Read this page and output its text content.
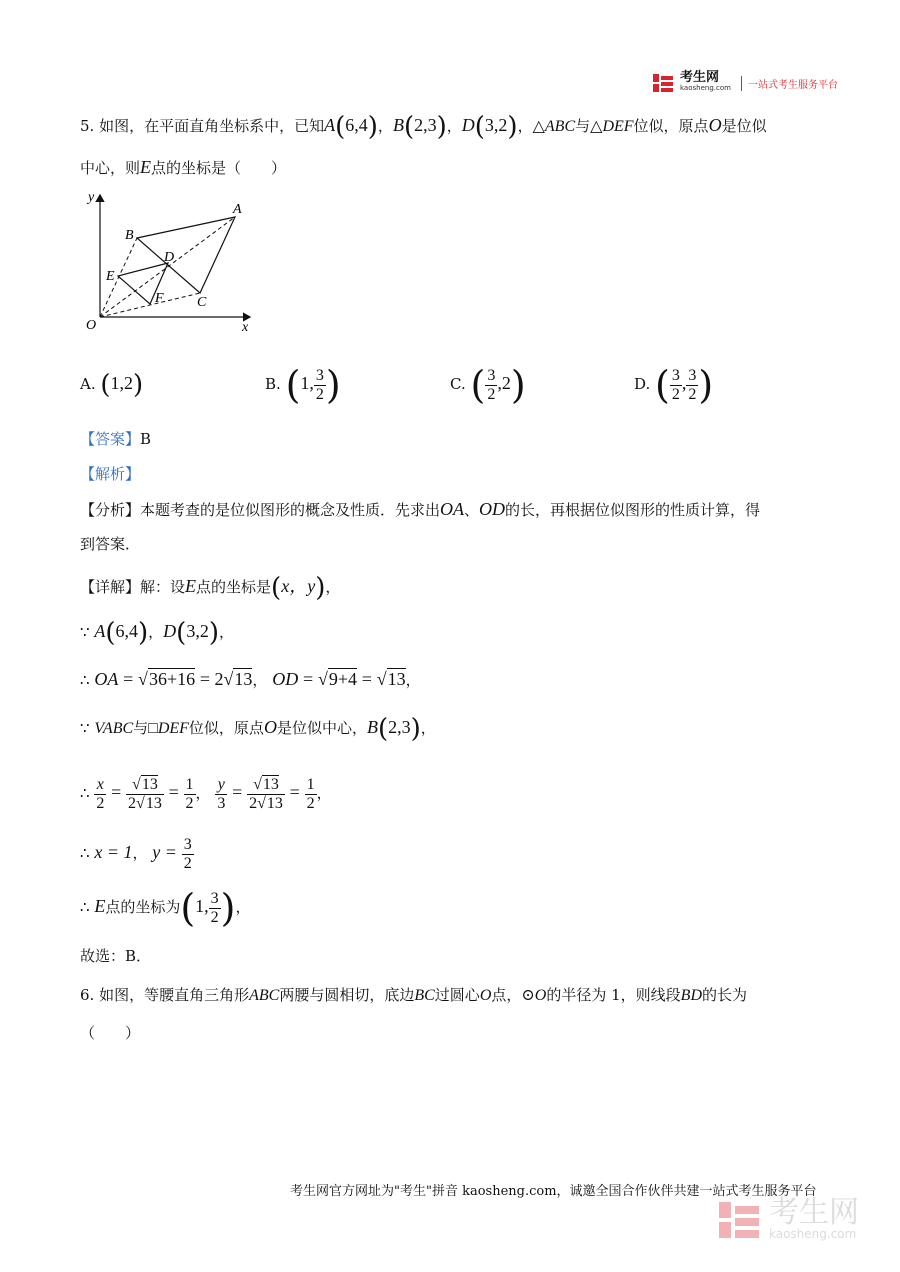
考生网
kaosheng.com	一站式考生服务平台
5. 如图，在平面直角坐标系中，已知A(6,4)，B(2,3)，D(3,2)，△ABC与△DEF位似，原点O是位似
中心，则E点的坐标是（　　）
y
x
A
B
C
D
E
F
O
A. (1,2)	B. (1, $\frac{3}{2}$ )	C. ( $\frac{3}{2} ,2$)	D. ( $\frac{3}{2}$ , $\frac{3}{2}$ )
【答案】B
【解析】
【分析】本题考查的是位似图形的概念及性质．先求出OA、OD的长，再根据位似图形的性质计算，得
到答案．
【详解】解：设E点的坐标是(x，y)，
∵ A(6,4)，D(3,2)，
∴ OA = √36+16 = 2√13， OD = √9+4 = √13，
∵ VABC与□DEF位似，原点O是位似中心，B(2,3)，
∴ $\frac{x}{2} = \frac{√13}{2√13} = \frac{1}{2}$ ， $\frac{y}{3} = \frac{√13}{2√13} = \frac{1}{2}$ ，
∴ x = 1， $y = \frac{3}{2}$
∴ E点的坐标为(1, $\frac{3}{2}$ )，
故选：B．
6. 如图，等腰直角三角形ABC两腰与圆相切，底边BC过圆心O点，⊙O的半径为 1，则线段BD的长为
（　　）
考生网官方网址为"考生"拼音 kaosheng.com，诚邀全国合作伙伴共建一站式考生服务平台
考生网
kaosheng.com
